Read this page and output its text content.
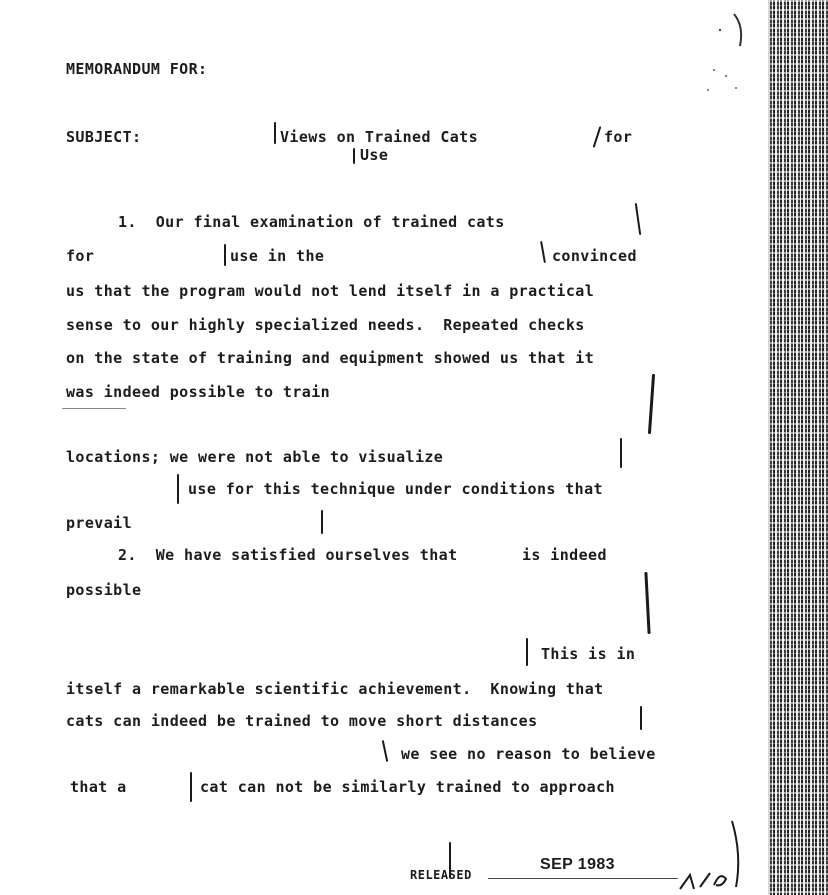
MEMORANDUM FOR:
SUBJECT:	Views on Trained Cats	for
Use
1.  Our final examination of trained cats
for	use in the	convinced
us that the program would not lend itself in a practical
sense to our highly specialized needs.  Repeated checks
on the state of training and equipment showed us that it
was indeed possible to train
locations; we were not able to visualize
use for this technique under conditions that
prevail
2.  We have satisfied ourselves that	is indeed
possible
This is in
itself a remarkable scientific achievement.  Knowing that
cats can indeed be trained to move short distances
we see no reason to believe
that a	cat can not be similarly trained to approach
RELEASED
SEP 1983
